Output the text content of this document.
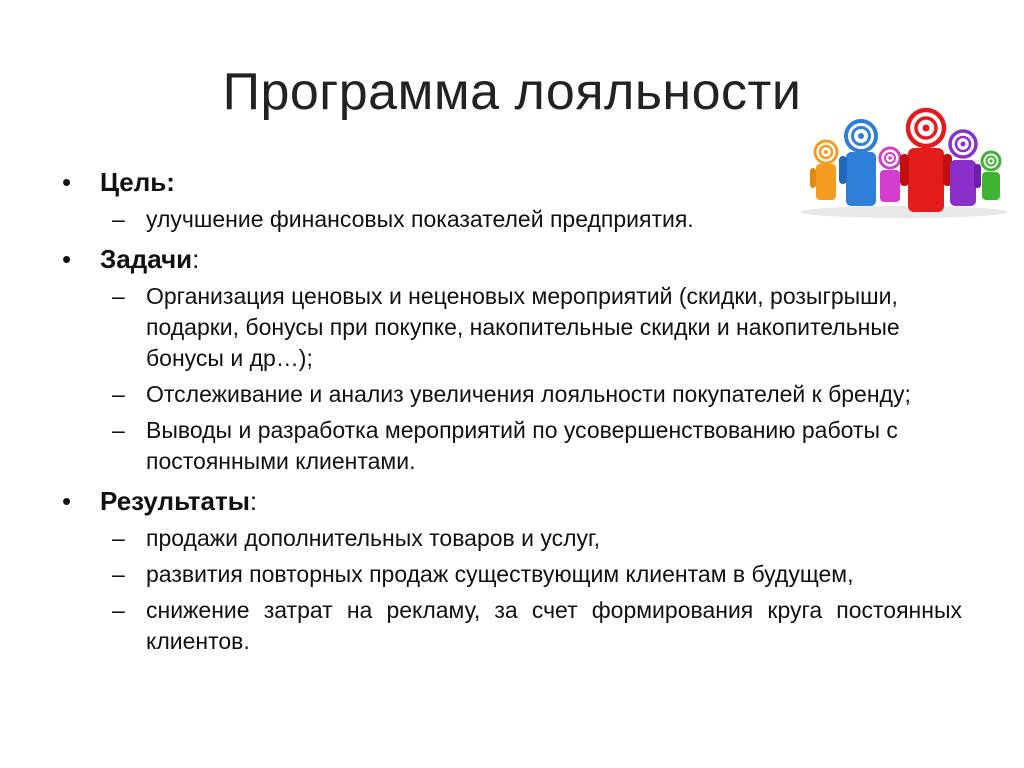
Программа лояльности
• Цель:
– улучшение финансовых показателей предприятия.
• Задачи:
– Организация ценовых и неценовых мероприятий (скидки, розыгрыши, подарки, бонусы при покупке, накопительные скидки и накопительные бонусы и др…);
– Отслеживание и анализ увеличения лояльности покупателей к бренду;
– Выводы и разработка мероприятий по усовершенствованию работы с постоянными клиентами.
• Результаты:
– продажи дополнительных товаров и услуг,
– развития повторных продаж существующим клиентам в будущем,
– снижение затрат на рекламу, за счет формирования круга постоянных клиентов.
